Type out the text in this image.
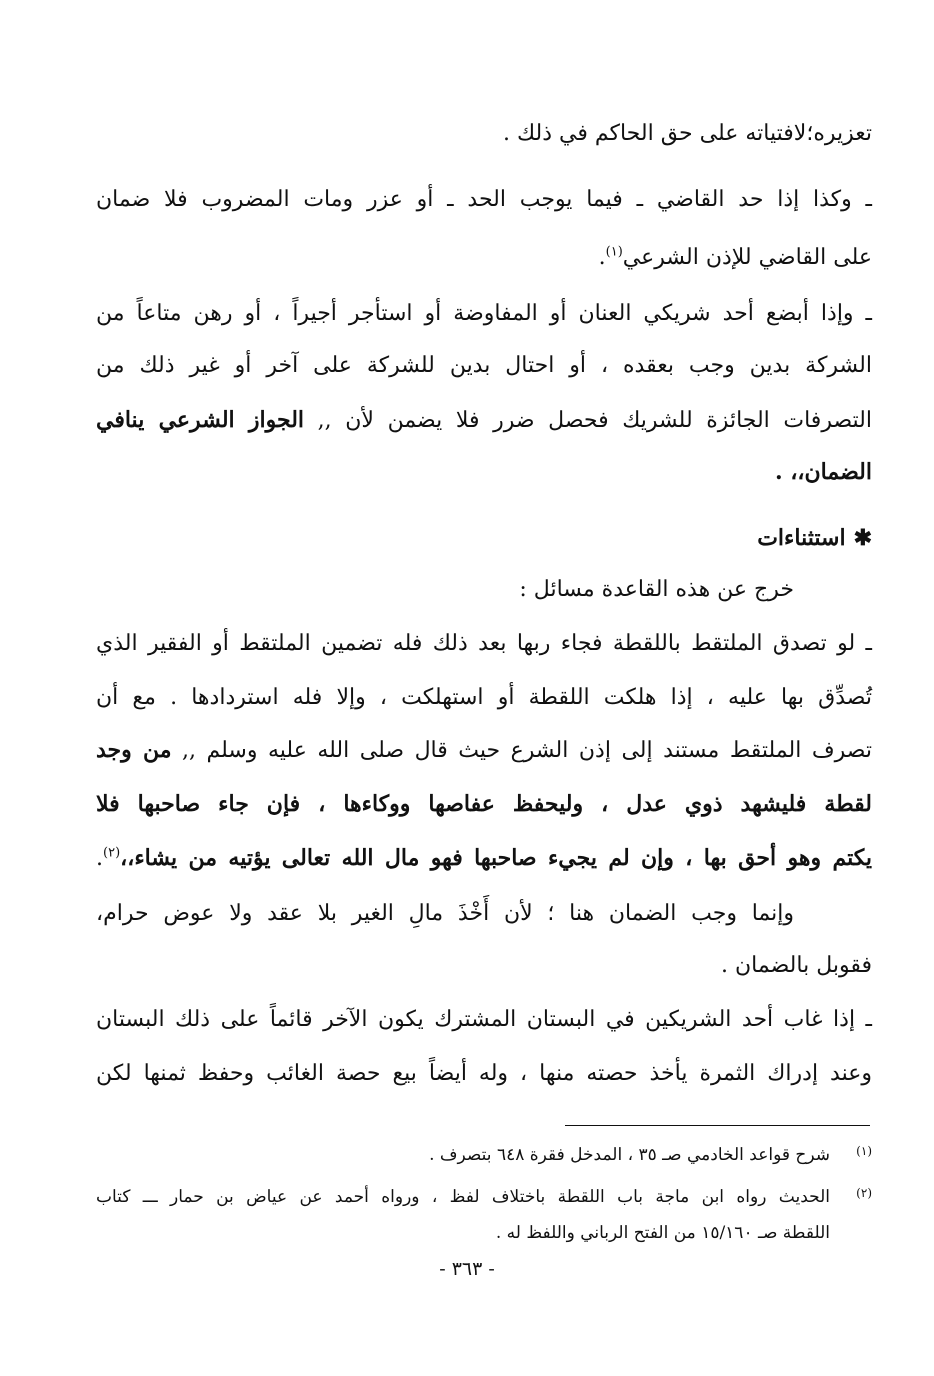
تعزيره؛لافتياته على حق الحاكم في ذلك .
ـ وكذا إذا حد القاضي ـ فيما يوجب الحد ـ أو عزر ومات المضروب فلا ضمان
على القاضي للإذن الشرعي$^{(١)}$.
ـ وإذا أبضع أحد شريكي العنان أو المفاوضة أو استأجر أجيراً ، أو رهن متاعاً من
الشركة بدين وجب بعقده ، أو احتال بدين للشركة على آخر أو غير ذلك من
التصرفات الجائزة للشريك فحصل ضرر فلا يضمن لأن ,, الجواز الشرعي ينافي
الضمان،، .
✱استثناءات
خرج عن هذه القاعدة مسائل :
ـ لو تصدق الملتقط باللقطة فجاء ربها بعد ذلك فله تضمين الملتقط أو الفقير الذي
تُصدِّق بها عليه ، إذا هلكت اللقطة أو استهلكت ، وإلا فله استردادها . مع أن
تصرف الملتقط مستند إلى إذن الشرع حيث قال صلى الله عليه وسلم ,, من وجد
لقطة فليشهد ذوي عدل ، وليحفظ عفاصها ووكاءها ، فإن جاء صاحبها فلا
يكتم وهو أحق بها ، وإن لم يجيء صاحبها فهو مال الله تعالى يؤتيه من يشاء،،$^{(٢)}$.
وإنما وجب الضمان هنا ؛ لأن أَخْذَ مالِ الغير بلا عقد ولا عوض حرام،
فقوبل بالضمان .
ـ إذا غاب أحد الشريكين في البستان المشترك يكون الآخر قائماً على ذلك البستان
وعند إدراك الثمرة يأخذ حصته منها ، وله أيضاً بيع حصة الغائب وحفظ ثمنها لكن
(١)
شرح قواعد الخادمي صـ ٣٥ ، المدخل فقرة ٦٤٨ بتصرف .
(٢)
الحديث رواه ابن ماجة باب اللقطة باختلاف لفظ ، ورواه أحمد عن عياض بن حمار ـــ كتاب
اللقطة صـ ١٥/١٦٠ من الفتح الرباني واللفظ له .
- ٣٦٣ -
